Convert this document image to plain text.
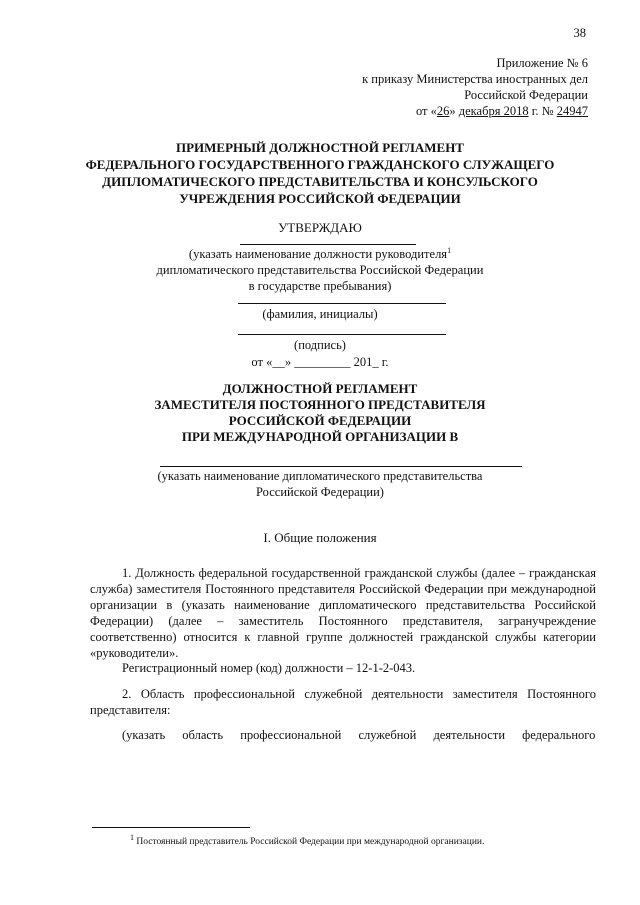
38
Приложение № 6
к приказу Министерства иностранных дел
Российской Федерации
от «26» декабря 2018 г. № 24947
ПРИМЕРНЫЙ ДОЛЖНОСТНОЙ РЕГЛАМЕНТ
ФЕДЕРАЛЬНОГО ГОСУДАРСТВЕННОГО ГРАЖДАНСКОГО СЛУЖАЩЕГО
ДИПЛОМАТИЧЕСКОГО ПРЕДСТАВИТЕЛЬСТВА И КОНСУЛЬСКОГО
УЧРЕЖДЕНИЯ РОССИЙСКОЙ ФЕДЕРАЦИИ
УТВЕРЖДАЮ
(указать наименование должности руководителя$^1$
дипломатического представительства Российской Федерации
в государстве пребывания)
(фамилия, инициалы)
(подпись)
от «__» _________ 201_ г.
ДОЛЖНОСТНОЙ РЕГЛАМЕНТ
ЗАМЕСТИТЕЛЯ ПОСТОЯННОГО ПРЕДСТАВИТЕЛЯ
РОССИЙСКОЙ ФЕДЕРАЦИИ
ПРИ МЕЖДУНАРОДНОЙ ОРГАНИЗАЦИИ В
(указать наименование дипломатического представительства
Российской Федерации)
I. Общие положения
1. Должность федеральной государственной гражданской службы (далее – гражданская служба) заместителя Постоянного представителя Российской Федерации при международной организации в (указать наименование дипломатического представительства Российской Федерации) (далее – заместитель Постоянного представителя, загранучреждение соответственно) относится к главной группе должностей гражданской службы категории «руководители».
Регистрационный номер (код) должности – 12-1-2-043.
2. Область профессиональной служебной деятельности заместителя Постоянного представителя:
(указать область профессиональной служебной деятельности федерального
$^1$ Постоянный представитель Российской Федерации при международной организации.
